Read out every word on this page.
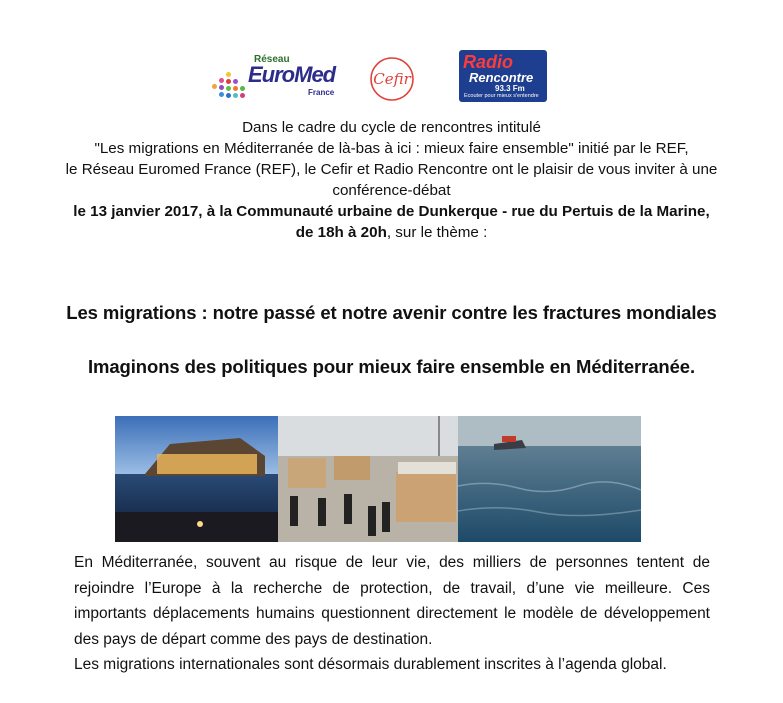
Réseau
EuroMed
France
Cefir
Radio
Rencontre
93.3 Fm
Ecouter pour mieux s'entendre
Dans le cadre du cycle de rencontres intitulé
"Les migrations en Méditerranée de là-bas à ici : mieux faire ensemble" initié par le REF,
le Réseau Euromed France (REF), le Cefir et Radio Rencontre ont le plaisir de vous inviter à une
conférence-débat
le 13 janvier 2017, à la Communauté urbaine de Dunkerque - rue du Pertuis de la Marine,
de 18h à 20h, sur le thème :
Les migrations : notre passé et notre avenir contre les fractures mondiales
Imaginons des politiques pour mieux faire ensemble en Méditerranée.

En Méditerranée, souvent au risque de leur vie, des milliers de personnes tentent de rejoindre l’Europe à la recherche de protection, de travail, d’une vie meilleure. Ces importants déplacements humains questionnent directement le modèle de développement des pays de départ comme des pays de destination.

Les migrations internationales sont désormais durablement inscrites à l’agenda global.
